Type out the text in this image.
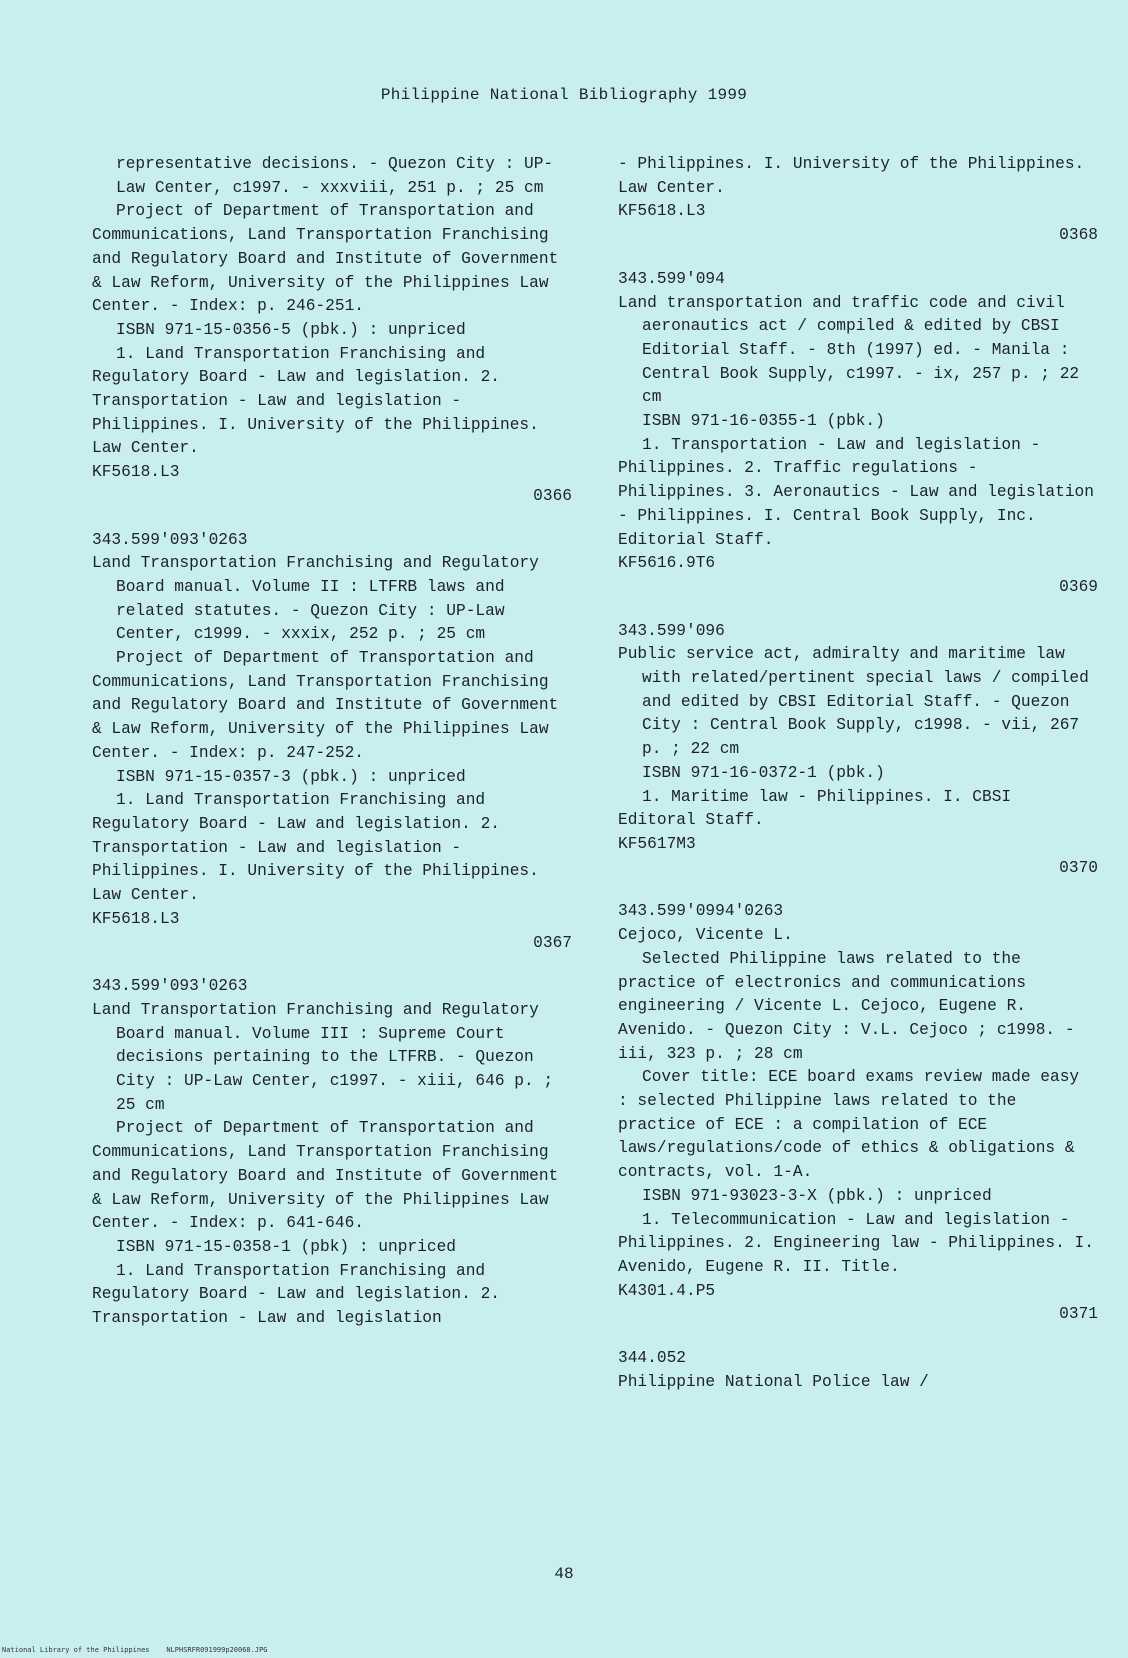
Philippine National Bibliography 1999

representative decisions. - Quezon City : UP-Law Center, c1997. - xxxviii, 251 p. ; 25 cm

Project of Department of Transportation and Communications, Land Transportation Franchising and Regulatory Board and Institute of Government & Law Reform, University of the Philippines Law Center. - Index: p. 246-251.

ISBN 971-15-0356-5 (pbk.) : unpriced

1. Land Transportation Franchising and Regulatory Board - Law and legislation. 2. Transportation - Law and legislation - Philippines. I. University of the Philippines. Law Center.

KF5618.L3

0366

343.599'093'0263

Land Transportation Franchising and Regulatory Board manual. Volume II : LTFRB laws and related statutes. - Quezon City : UP-Law Center, c1999. - xxxix, 252 p. ; 25 cm

Project of Department of Transportation and Communications, Land Transportation Franchising and Regulatory Board and Institute of Government & Law Reform, University of the Philippines Law Center. - Index: p. 247-252.

ISBN 971-15-0357-3 (pbk.) : unpriced

1. Land Transportation Franchising and Regulatory Board - Law and legislation. 2. Transportation - Law and legislation - Philippines. I. University of the Philippines. Law Center.

KF5618.L3

0367

343.599'093'0263

Land Transportation Franchising and Regulatory Board manual. Volume III : Supreme Court decisions pertaining to the LTFRB. - Quezon City : UP-Law Center, c1997. - xiii, 646 p. ; 25 cm

Project of Department of Transportation and Communications, Land Transportation Franchising and Regulatory Board and Institute of Government & Law Reform, University of the Philippines Law Center. - Index: p. 641-646.

ISBN 971-15-0358-1 (pbk) : unpriced

1. Land Transportation Franchising and Regulatory Board - Law and legislation. 2. Transportation - Law and legislation

- Philippines. I. University of the Philippines. Law Center.

KF5618.L3

0368

343.599'094

Land transportation and traffic code and civil aeronautics act / compiled & edited by CBSI Editorial Staff. - 8th (1997) ed. - Manila : Central Book Supply, c1997. - ix, 257 p. ; 22 cm

ISBN 971-16-0355-1 (pbk.)

1. Transportation - Law and legislation - Philippines. 2. Traffic regulations - Philippines. 3. Aeronautics - Law and legislation - Philippines. I. Central Book Supply, Inc. Editorial Staff.

KF5616.9T6

0369

343.599'096

Public service act, admiralty and maritime law with related/pertinent special laws / compiled and edited by CBSI Editorial Staff. - Quezon City : Central Book Supply, c1998. - vii, 267 p. ; 22 cm

ISBN 971-16-0372-1 (pbk.)

1. Maritime law - Philippines. I. CBSI Editoral Staff.

KF5617M3

0370

343.599'0994'0263

Cejoco, Vicente L.

Selected Philippine laws related to the practice of electronics and communications engineering / Vicente L. Cejoco, Eugene R. Avenido. - Quezon City : V.L. Cejoco ; c1998. - iii, 323 p. ; 28 cm

Cover title: ECE board exams review made easy : selected Philippine laws related to the practice of ECE : a compilation of ECE laws/regulations/code of ethics & obligations & contracts, vol. 1-A.

ISBN 971-93023-3-X (pbk.) : unpriced

1. Telecommunication - Law and legislation - Philippines. 2. Engineering law - Philippines. I. Avenido, Eugene R. II. Title.

K4301.4.P5

0371

344.052

Philippine National Police law /

48
National Library of the Philippines    NLPHSRFR091999p20068.JPG
